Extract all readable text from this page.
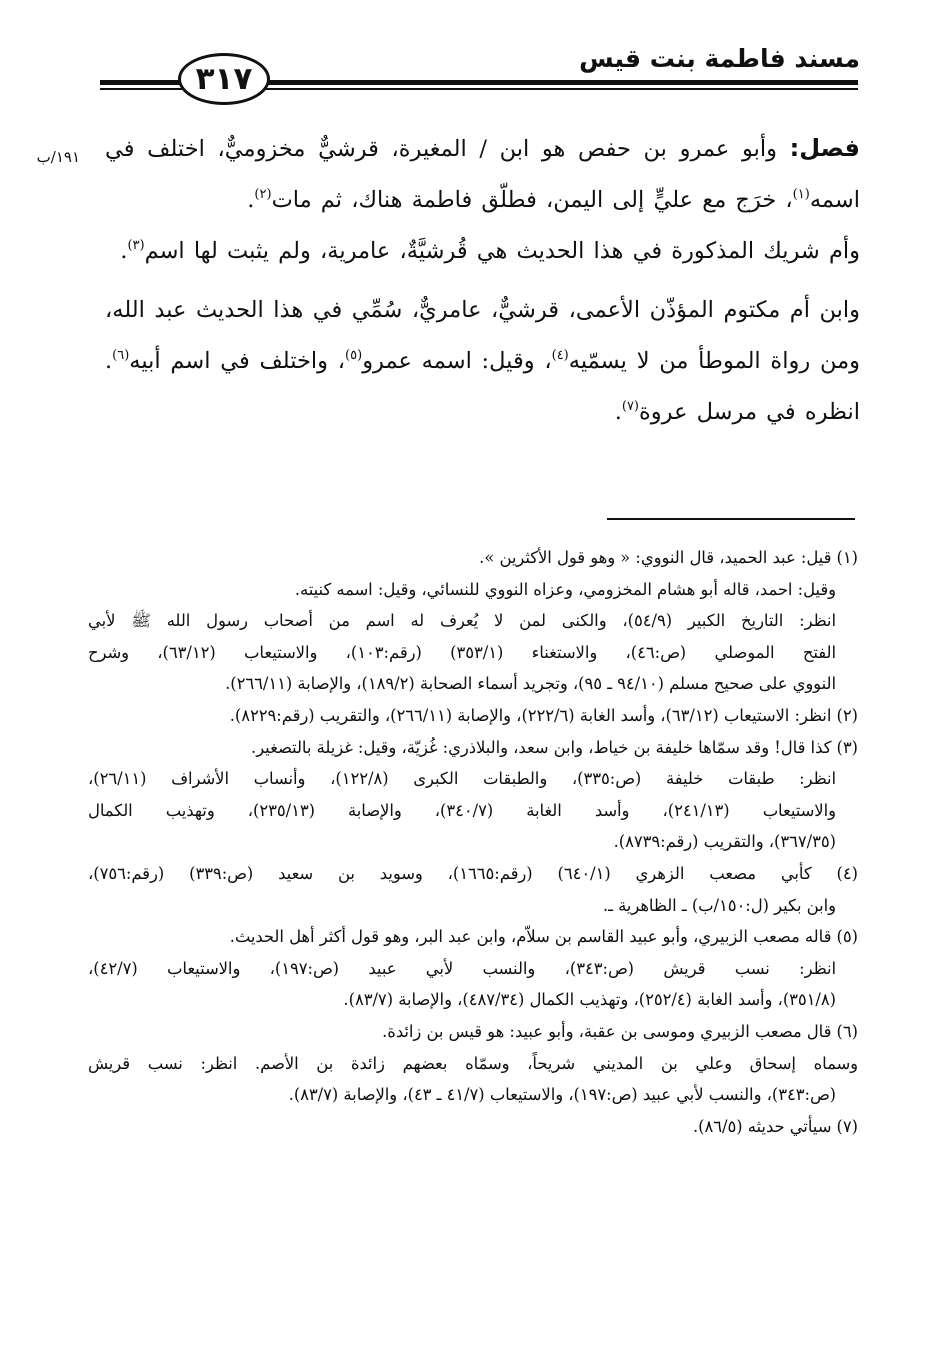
مسند فاطمة بنت قيس
٣١٧
١٩١/ب	فصل: وأبو عمرو بن حفص هو ابن / المغيرة، قرشيٌّ مخزوميٌّ، اختلف في اسمه$^{(١)}$، خرَج مع عليٍّ إلى اليمن، فطلّق فاطمة هناك، ثم مات$^{(٢)}$.

وأم شريك المذكورة في هذا الحديث هي قُرشيَّةٌ، عامرية، ولم يثبت لها اسم$^{(٣)}$.

وابن أم مكتوم المؤذّن الأعمى، قرشيٌّ، عامريٌّ، سُمِّي في هذا الحديث عبد الله، ومن رواة الموطأ من لا يسمّيه$^{(٤)}$، وقيل: اسمه عمرو$^{(٥)}$، واختلف في اسم أبيه$^{(٦)}$. انظره في مرسل عروة$^{(٧)}$.

(١) قيل: عبد الحميد، قال النووي: « وهو قول الأكثرين ».

وقيل: احمد، قاله أبو هشام المخزومي، وعزاه النووي للنسائي، وقيل: اسمه كنيته.

انظر: التاريخ الكبير (٥٤/٩)، والكنى لمن لا يُعرف له اسم من أصحاب رسول الله ﷺ لأبي

الفتح الموصلي (ص:٤٦)، والاستغناء (٣٥٣/١) (رقم:١٠٣)، والاستيعاب (٦٣/١٢)، وشرح

النووي على صحيح مسلم (٩٤/١٠ ـ ٩٥)، وتجريد أسماء الصحابة (١٨٩/٢)، والإصابة (٢٦٦/١١).

(٢) انظر: الاستيعاب (٦٣/١٢)، وأسد الغابة (٢٢٢/٦)، والإصابة (٢٦٦/١١)، والتقريب (رقم:٨٢٢٩).

(٣) كذا قال! وقد سمّاها خليفة بن خياط، وابن سعد، والبلاذري: غُزيّة، وقيل: غزيلة بالتصغير.

انظر: طبقات خليفة (ص:٣٣٥)، والطبقات الكبرى (١٢٢/٨)، وأنساب الأشراف (٢٦/١١)،

والاستيعاب (٢٤١/١٣)، وأسد الغابة (٣٤٠/٧)، والإصابة (٢٣٥/١٣)، وتهذيب الكمال

(٣٦٧/٣٥)، والتقريب (رقم:٨٧٣٩).

(٤) كأبي مصعب الزهري (٦٤٠/١) (رقم:١٦٦٥)، وسويد بن سعيد (ص:٣٣٩) (رقم:٧٥٦)،

وابن بكير (ل:١٥٠/ب) ـ الظاهرية ـ.

(٥) قاله مصعب الزبيري، وأبو عبيد القاسم بن سلاّم، وابن عبد البر، وهو قول أكثر أهل الحديث.

انظر: نسب قريش (ص:٣٤٣)، والنسب لأبي عبيد (ص:١٩٧)، والاستيعاب (٤٢/٧)،

(٣٥١/٨)، وأسد الغابة (٢٥٢/٤)، وتهذيب الكمال (٤٨٧/٣٤)، والإصابة (٨٣/٧).

(٦) قال مصعب الزبيري وموسى بن عقبة، وأبو عبيد: هو قيس بن زائدة.

وسماه إسحاق وعلي بن المديني شريحاً، وسمّاه بعضهم زائدة بن الأصم. انظر: نسب قريش

(ص:٣٤٣)، والنسب لأبي عبيد (ص:١٩٧)، والاستيعاب (٤١/٧ ـ ٤٣)، والإصابة (٨٣/٧).

(٧) سيأتي حديثه (٨٦/٥).
